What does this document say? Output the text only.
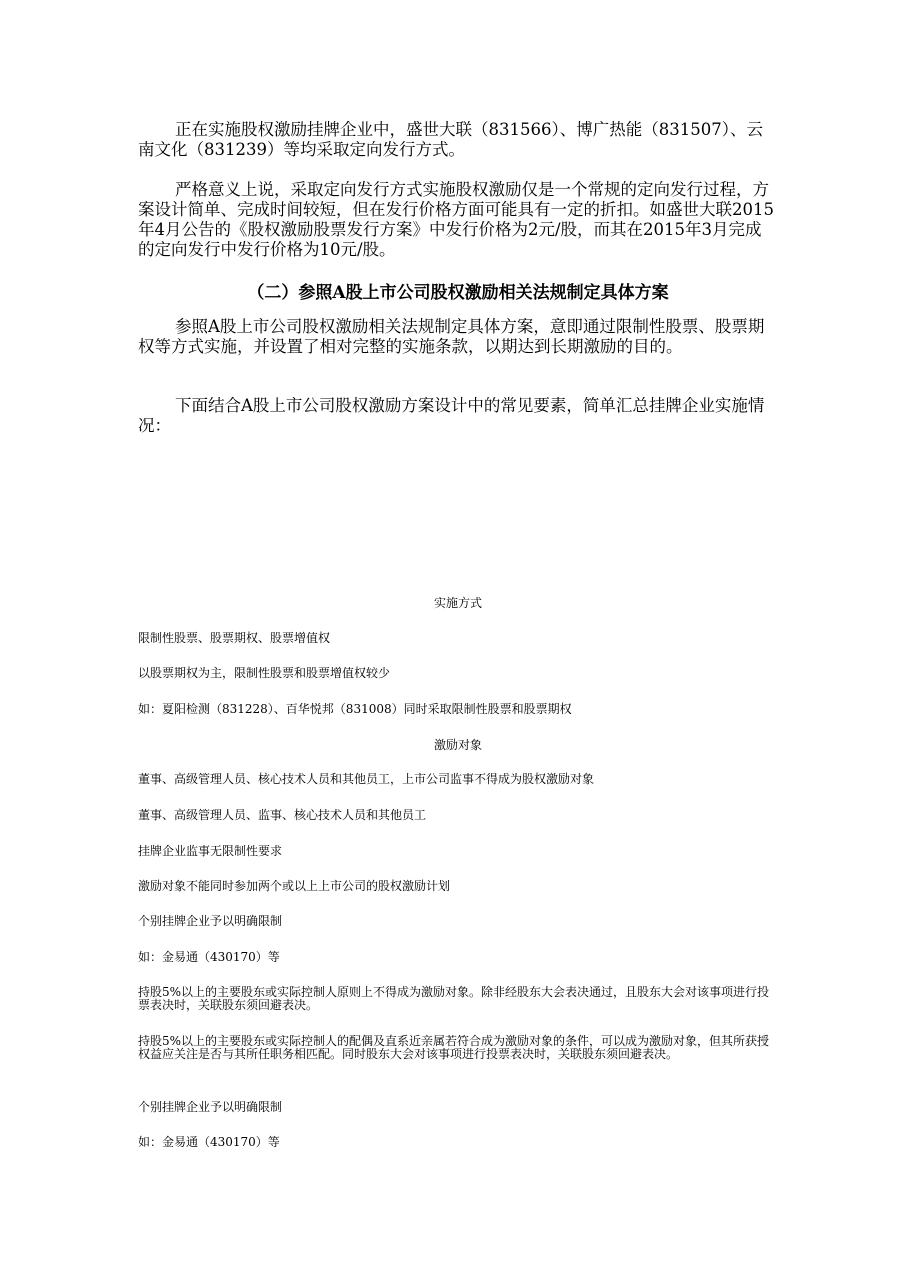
正在实施股权激励挂牌企业中，盛世大联（831566）、博广热能（831507）、云南文化（831239）等均采取定向发行方式。

严格意义上说，采取定向发行方式实施股权激励仅是一个常规的定向发行过程，方案设计简单、完成时间较短，但在发行价格方面可能具有一定的折扣。如盛世大联2015年4月公告的《股权激励股票发行方案》中发行价格为2元/股，而其在2015年3月完成的定向发行中发行价格为10元/股。

（二）参照A股上市公司股权激励相关法规制定具体方案

参照A股上市公司股权激励相关法规制定具体方案，意即通过限制性股票、股票期权等方式实施，并设置了相对完整的实施条款，以期达到长期激励的目的。

下面结合A股上市公司股权激励方案设计中的常见要素，简单汇总挂牌企业实施情况：

实施方式

限制性股票、股票期权、股票增值权

以股票期权为主，限制性股票和股票增值权较少

如：夏阳检测（831228）、百华悦邦（831008）同时采取限制性股票和股票期权

激励对象

董事、高级管理人员、核心技术人员和其他员工，上市公司监事不得成为股权激励对象

董事、高级管理人员、监事、核心技术人员和其他员工

挂牌企业监事无限制性要求

激励对象不能同时参加两个或以上上市公司的股权激励计划

个别挂牌企业予以明确限制

如：金易通（430170）等

持股5%以上的主要股东或实际控制人原则上不得成为激励对象。除非经股东大会表决通过，且股东大会对该事项进行投票表决时，关联股东须回避表决。

持股5%以上的主要股东或实际控制人的配偶及直系近亲属若符合成为激励对象的条件，可以成为激励对象，但其所获授权益应关注是否与其所任职务相匹配。同时股东大会对该事项进行投票表决时，关联股东须回避表决。

个别挂牌企业予以明确限制

如：金易通（430170）等
